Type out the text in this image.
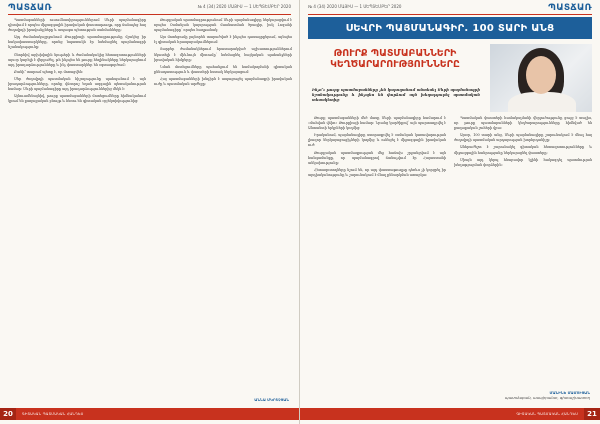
ՊԱՏՃԱՌ	№ 4 (34) 2020 ՄԱՅԻՍ — 1 ՍԵՊՏԵՄԲԵՐ 2020

Պատմաբանների ուսումնասիրություններում Սևրի պայմանագիրը դիտվում է որպես միջազգային իրավական փաստաթուղթ, որը ճանաչեց հայ ժողովրդի իրավունքները և ապագա պետության սահմանները։

Այդ ժամանակաշրջանում Թուրքիայի պատմագրությունը մշակեց իր հակափաստարկները, որոնց նպատակն էր նսեմացնել պայմանագրի նշանակությունը։

Շնորհիվ արխիվային նյութերի և ժամանակակից հետազոտությունների այսօր կարելի է վերլուծել, թե ինչպես են թուրք հեղինակները ներկայացնում այդ իրադարձությունները և ինչ փաստարկներ են օգտագործում։

Քանի՞ տարում պետք է, որ մոռացվեն։

Մեր ժողովրդի պատմական հիշողությունը պահպանում է այն իրադարձությունները, որոնք վճռորոշ եղան ազգային պետականության համար։ Սևրի պայմանագիրը այդ իրադարձություններից մեկն է։

Այնուամենայնիվ, թուրք պատմաբանների մոտեցումները հիմնականում կրում են քաղաքական բնույթ և հեռու են գիտական օբյեկտիվությունից։

Թուրքական պատմագրությունում Սևրի պայմանագիրը ներկայացվում է որպես Օսմանյան կայսրության մասնատման ծրագիր, իսկ Լոզանի պայմանագիրը՝ որպես հաղթանակ։

Այս մոտեցումը լայնորեն տարածված է ինչպես դասագրքերում, այնպես էլ գիտական հրապարակումներում։

Տարբեր ժամանակներում հրատարակված աշխատություններում նկատելի է միևնույն միտումը՝ նսեմացնել հայկական պահանջների իրավական հիմքերը։

Նման մոտեցումները պահանջում են համակողմանի գիտական քննադատություն և փաստերի հստակ ներկայացում։

Հայ պատմաբանների խնդիրն է ապացուցել պայմանագրի իրավական ուժը և պատմական արժեքը։

ԱՆՆԱ ՄԿՐՏՉՅԱՆ
20	ԳԻՏԱԿԱՆ ՊԱՏՄԱԿԱՆ ՀԱՆԴԵՍ
№ 4 (34) 2020 ՄԱՅԻՍ — 1 ՍԵՊՏԵՄԲԵՐ 2020	ՊԱՏՃԱՌ
ՍԵՎՐԻ ՊԱՅՄԱՆԱԳԻՐ. 100 ՏԱՐԻ ԱՆՑ
ԹՈՒՐՔ ՊԱՏՄԱԲԱՆՆԵՐԻ ԿԵՂԾԱՐԱՐՈՒԹՅՈՒՆՆԵՐԸ
Ինչո՞ւ թուրք պատմաբանները չեն կարողանում անտեսել Սևրի պայմանագրի նշանակությունը և ինչպես են փորձում այն խեղաթյուրել պատմական տեսակետից։

Թուրք պատմաբանների մեծ մասը Սևրի պայմանագիրը համարում է «մահվան վճիռ» Թուրքիայի համար։ Նրանց կարծիքով՝ այն պարտադրվել է Անտանտի երկրների կողմից։

Իրականում, պայմանագիրը ստորագրվել է օսմանյան կառավարության լիազոր ներկայացուցիչների կողմից և ունեցել է միջազգային իրավական ուժ։

Թուրքական պատմագրության մեջ հաճախ շրջանցվում է այն հանգամանքը, որ պայմանագրով ճանաչվում էր Հայաստանի անկախությունը։

Հետազոտողները նշում են, որ այդ փաստաթուղթը դեռևս չի կորցրել իր արդիականությունը և շարունակում է մնալ քննարկման առարկա։

Պատմական փաստերի համակողմանի վերլուծությունը ցույց է տալիս, որ թուրք պատմաբանների կեղծարարությունները հիմնված են քաղաքական շահերի վրա։

Այսօր, 100 տարի անց, Սևրի պայմանագիրը շարունակում է մնալ հայ ժողովրդի պատմական արդարության խորհրդանիշը։

Անհրաժեշտ է շարունակել գիտական հետազոտությունները և միջազգային հանրությանը ներկայացնել փաստերը։

Միայն այդ կերպ հնարավոր կլինի հակազդել պատմության խեղաթյուրման փորձերին։

ՄԱՆԻՆԵ ՄԱՄՈՒՅԱՆ
պատմաբան, ասպիրանտ, գիտաշխատող
ԳԻՏԱԿԱՆ ՊԱՏՄԱԿԱՆ ՀԱՆԴԵՍ	21
